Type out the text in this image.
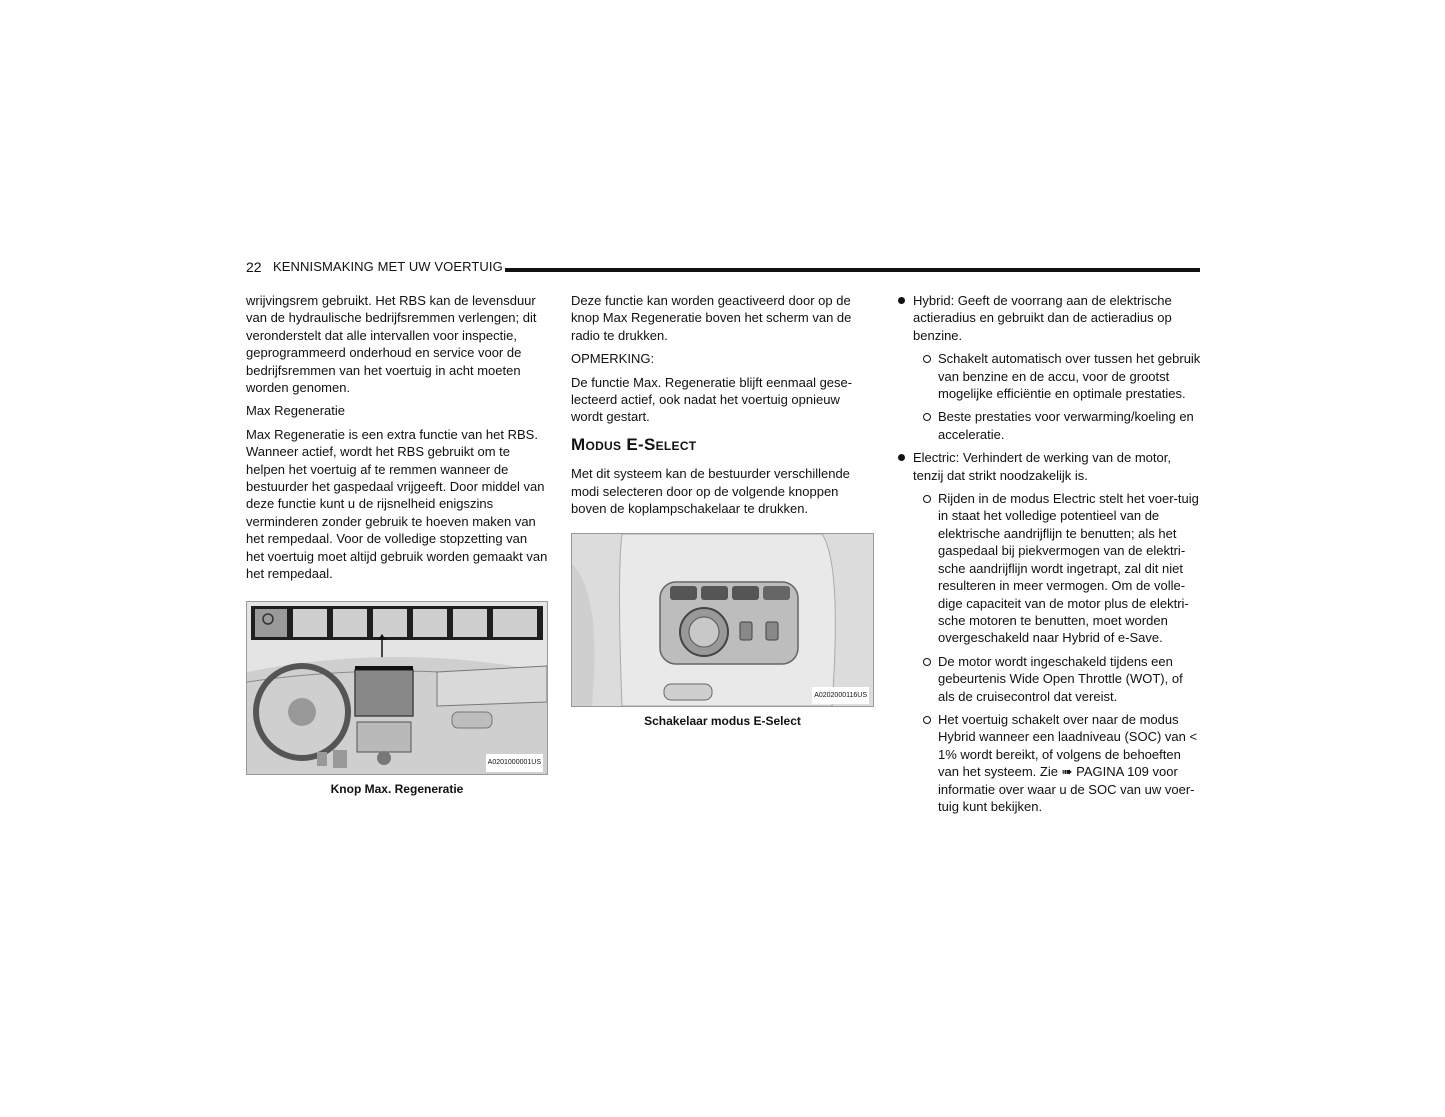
22 KENNISMAKING MET UW VOERTUIG

wrijvingsrem gebruikt. Het RBS kan de levensduur van de hydraulische bedrijfsremmen verlengen; dit veronderstelt dat alle intervallen voor inspectie, geprogrammeerd onderhoud en service voor de bedrijfsremmen van het voertuig in acht moeten worden genomen.

Max Regeneratie

Max Regeneratie is een extra functie van het RBS. Wanneer actief, wordt het RBS gebruikt om te helpen het voertuig af te remmen wanneer de bestuurder het gaspedaal vrijgeeft. Door middel van deze functie kunt u de rijsnelheid enigszins verminderen zonder gebruik te hoeven maken van het rempedaal. Voor de volledige stopzetting van het voertuig moet altijd gebruik worden gemaakt van het rempedaal.

A0201000001US
Knop Max. Regeneratie

Deze functie kan worden geactiveerd door op de knop Max Regeneratie boven het scherm van de radio te drukken.

OPMERKING:

De functie Max. Regeneratie blijft eenmaal gese-lecteerd actief, ook nadat het voertuig opnieuw wordt gestart.

Modus E-Select

Met dit systeem kan de bestuurder verschillende modi selecteren door op de volgende knoppen boven de koplampschakelaar te drukken.

A0202000116US
Schakelaar modus E-Select

Hybrid: Geeft de voorrang aan de elektrische actieradius en gebruikt dan de actieradius op benzine.

Schakelt automatisch over tussen het gebruik van benzine en de accu, voor de grootst mogelijke efficiëntie en optimale prestaties.

Beste prestaties voor verwarming/koeling en acceleratie.

Electric: Verhindert de werking van de motor, tenzij dat strikt noodzakelijk is.

Rijden in de modus Electric stelt het voer-tuig in staat het volledige potentieel van de elektrische aandrijflijn te benutten; als het gaspedaal bij piekvermogen van de elektri-sche aandrijflijn wordt ingetrapt, zal dit niet resulteren in meer vermogen. Om de volle-dige capaciteit van de motor plus de elektri-sche motoren te benutten, moet worden overgeschakeld naar Hybrid of e-Save.

De motor wordt ingeschakeld tijdens een gebeurtenis Wide Open Throttle (WOT), of als de cruisecontrol dat vereist.

Het voertuig schakelt over naar de modus Hybrid wanneer een laadniveau (SOC) van < 1% wordt bereikt, of volgens de behoeften van het systeem. Zie ➠ PAGINA 109 voor informatie over waar u de SOC van uw voer-tuig kunt bekijken.
